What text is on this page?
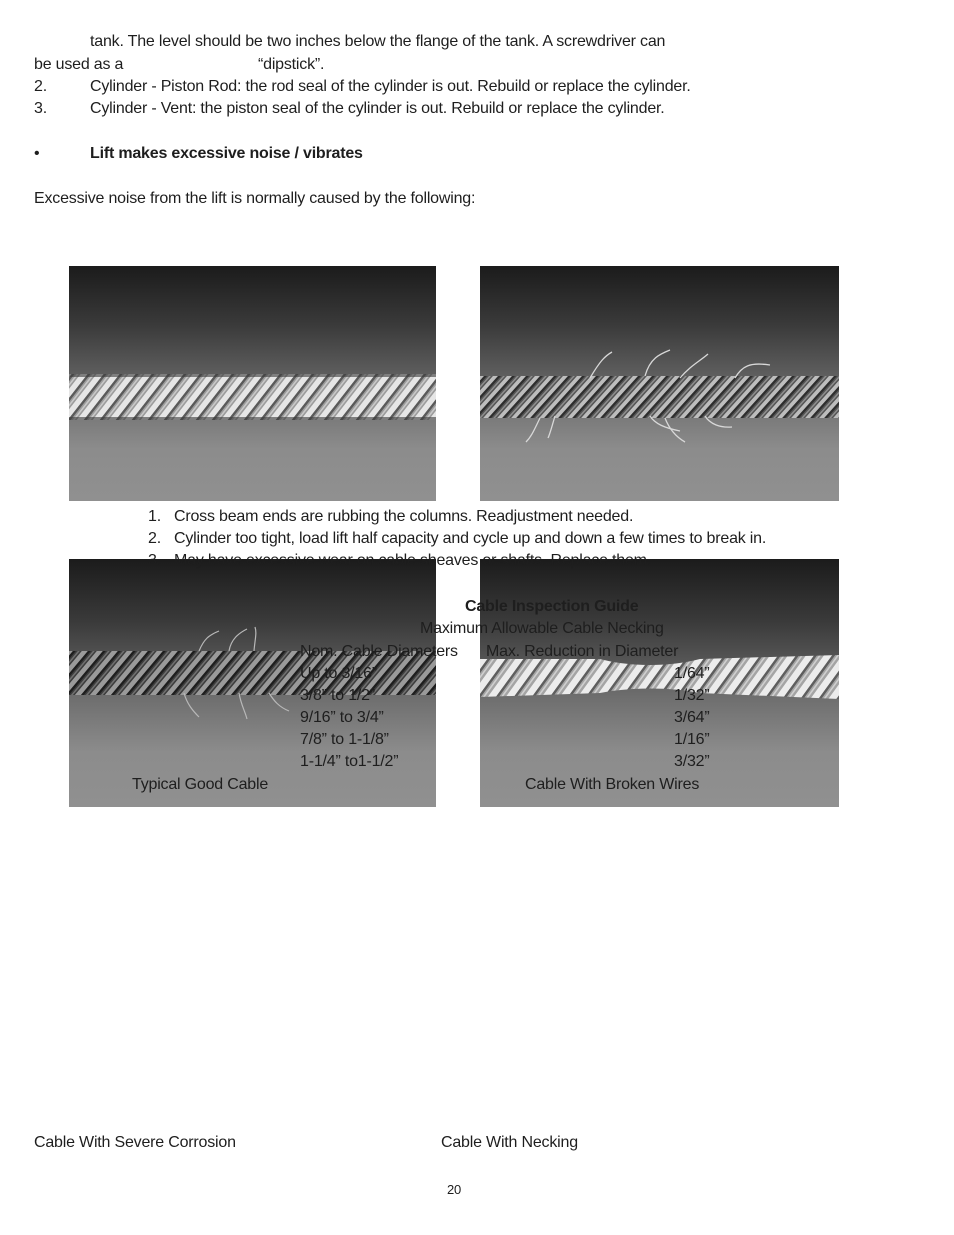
tank. The level should be two inches below the flange of the tank. A screwdriver can
be used as a	“dipstick”.
2.	Cylinder - Piston Rod: the rod seal of the cylinder is out. Rebuild or replace the cylinder.
3.	Cylinder - Vent: the piston seal of the cylinder is out. Rebuild or replace the cylinder.
•	Lift makes excessive noise / vibrates
Excessive noise from the lift is normally caused by the following:
1. Cross beam ends are rubbing the columns. Readjustment needed.
2. Cylinder too tight, load lift half capacity and cycle up and down a few times to break in.
3. May have excessive wear on cable sheaves or shafts. Replace them.
Cable Inspection Guide
Maximum Allowable Cable Necking
Nom. Cable Diameters Max. Reduction in Diameter
Up to 3/16”	1/64”
3/8” to 1/2”	1/32”
9/16” to 3/4”	3/64”
7/8” to 1-1/8”	1/16”
1-1/4” to1-1/2”	3/32”
Typical Good Cable	Cable With Broken Wires
Cable With Severe Corrosion	Cable With Necking
20
